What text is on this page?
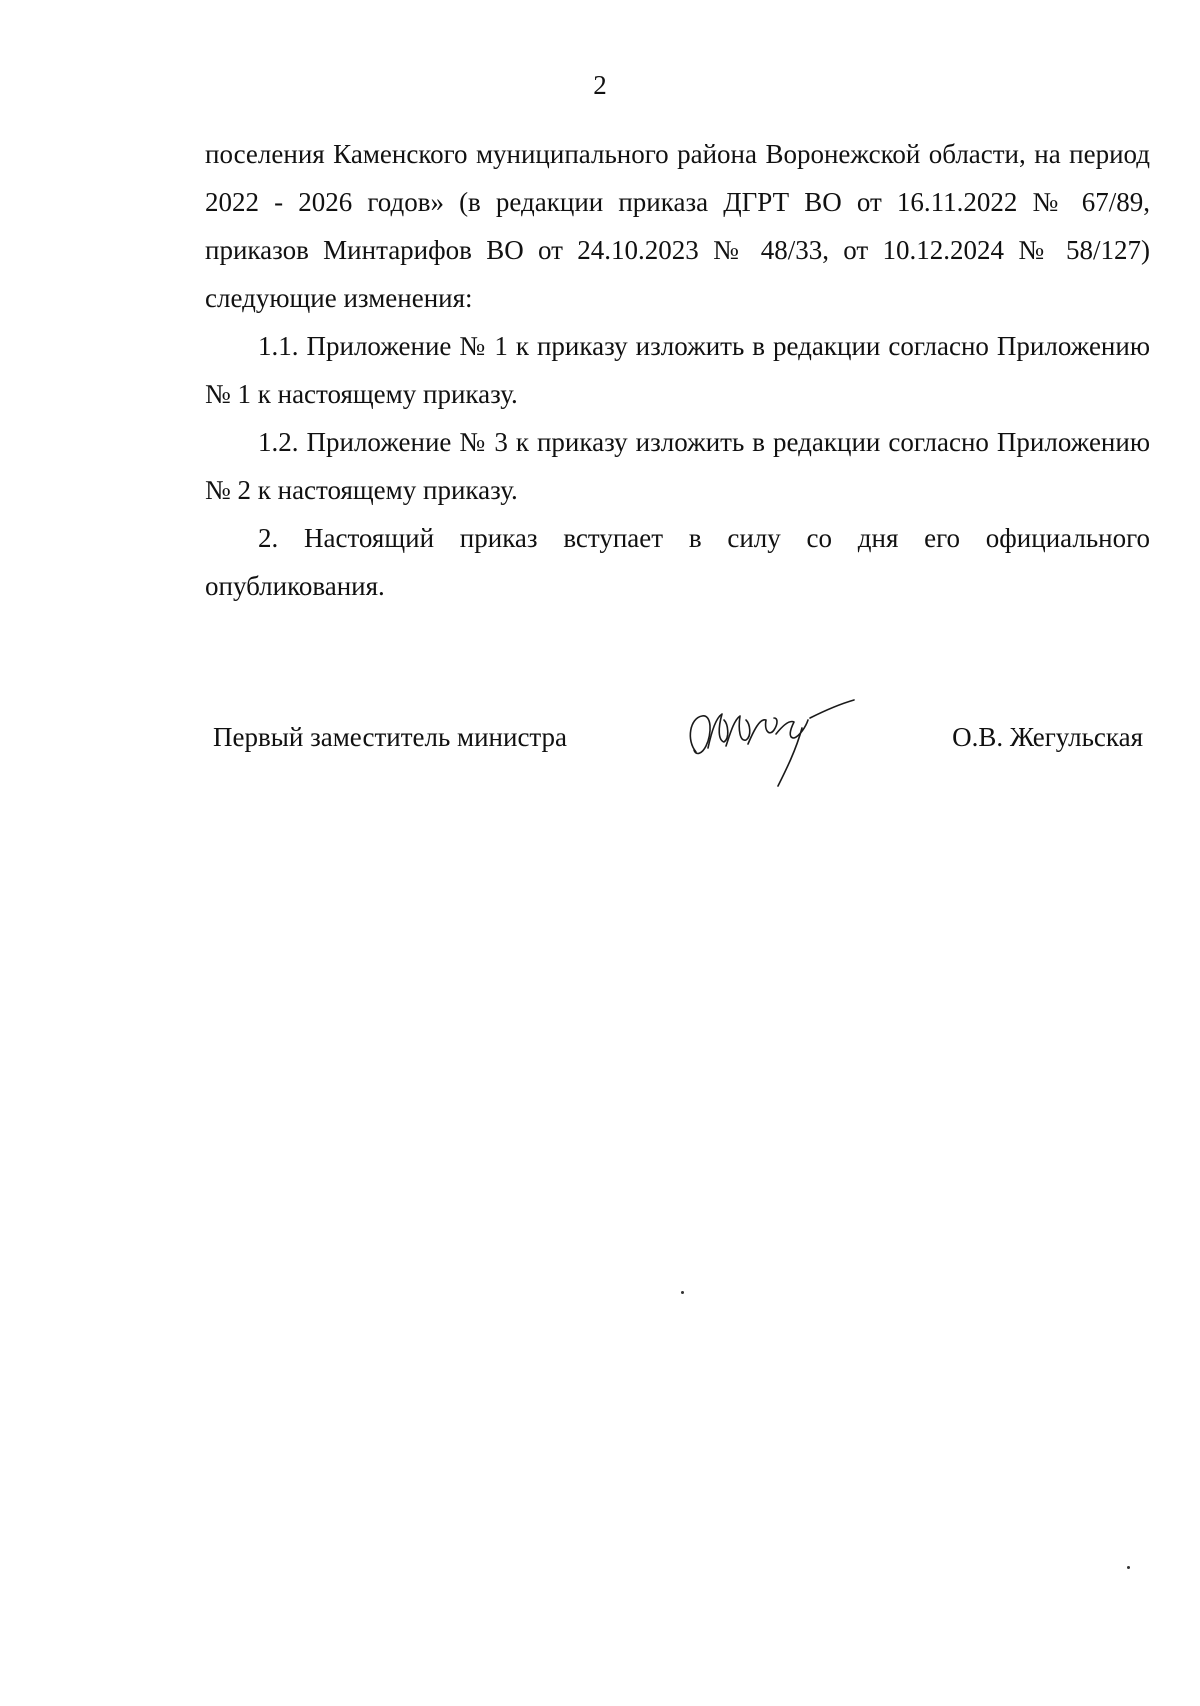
2

поселения Каменского муниципального района Воронежской области, на период 2022 - 2026 годов» (в редакции приказа ДГРТ ВО от 16.11.2022 № 67/89, приказов Минтарифов ВО от 24.10.2023 № 48/33, от 10.12.2024 № 58/127) следующие изменения:

1.1. Приложение № 1 к приказу изложить в редакции согласно Приложению № 1 к настоящему приказу.

1.2. Приложение № 3 к приказу изложить в редакции согласно Приложению № 2 к настоящему приказу.

2. Настоящий приказ вступает в силу со дня его официального опубликования.

Первый заместитель министра	О.В. Жегульская
